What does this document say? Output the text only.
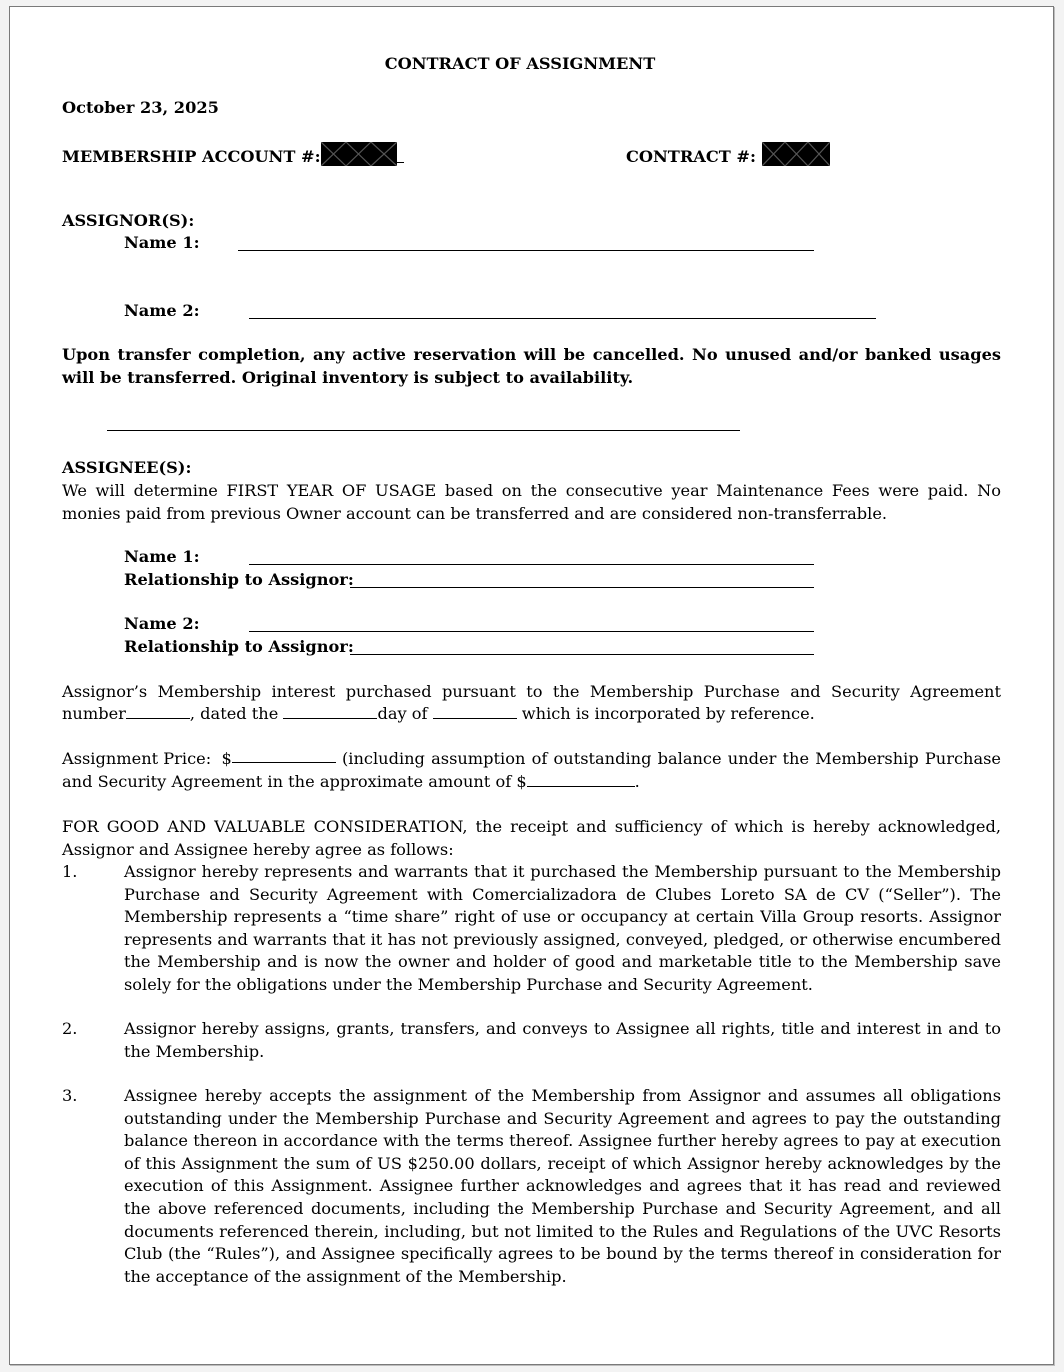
CONTRACT OF ASSIGNMENT
October 23, 2025
MEMBERSHIP ACCOUNT #:	CONTRACT #:
ASSIGNOR(S):
Name 1:
Name 2:
Upon transfer completion, any active reservation will be cancelled. No unused and/or banked usages will be transferred. Original inventory is subject to availability.
ASSIGNEE(S):
We will determine FIRST YEAR OF USAGE based on the consecutive year Maintenance Fees were paid. No monies paid from previous Owner account can be transferred and are considered non-transferrable.
Name 1:
Relationship to Assignor:
Name 2:
Relationship to Assignor:
Assignor’s Membership interest purchased pursuant to the Membership Purchase and Security Agreement
number	, dated the	day of	which is incorporated by reference.
Assignment Price:  $	(including assumption of outstanding balance under the Membership Purchase
and Security Agreement in the approximate amount of $	.
FOR GOOD AND VALUABLE CONSIDERATION, the receipt and sufficiency of which is hereby acknowledged, Assignor and Assignee hereby agree as follows:
1.	Assignor hereby represents and warrants that it purchased the Membership pursuant to the Membership Purchase and Security Agreement with Comercializadora de Clubes Loreto SA de CV (“Seller”). The Membership represents a “time share” right of use or occupancy at certain Villa Group resorts. Assignor represents and warrants that it has not previously assigned, conveyed, pledged, or otherwise encumbered the Membership and is now the owner and holder of good and marketable title to the Membership save solely for the obligations under the Membership Purchase and Security Agreement.
2.	Assignor hereby assigns, grants, transfers, and conveys to Assignee all rights, title and interest in and to the Membership.
3.	Assignee hereby accepts the assignment of the Membership from Assignor and assumes all obligations outstanding under the Membership Purchase and Security Agreement and agrees to pay the outstanding balance thereon in accordance with the terms thereof. Assignee further hereby agrees to pay at execution of this Assignment the sum of US $250.00 dollars, receipt of which Assignor hereby acknowledges by the execution of this Assignment. Assignee further acknowledges and agrees that it has read and reviewed the above referenced documents, including the Membership Purchase and Security Agreement, and all documents referenced therein, including, but not limited to the Rules and Regulations of the UVC Resorts Club (the “Rules”), and Assignee specifically agrees to be bound by the terms thereof in consideration for the acceptance of the assignment of the Membership.
